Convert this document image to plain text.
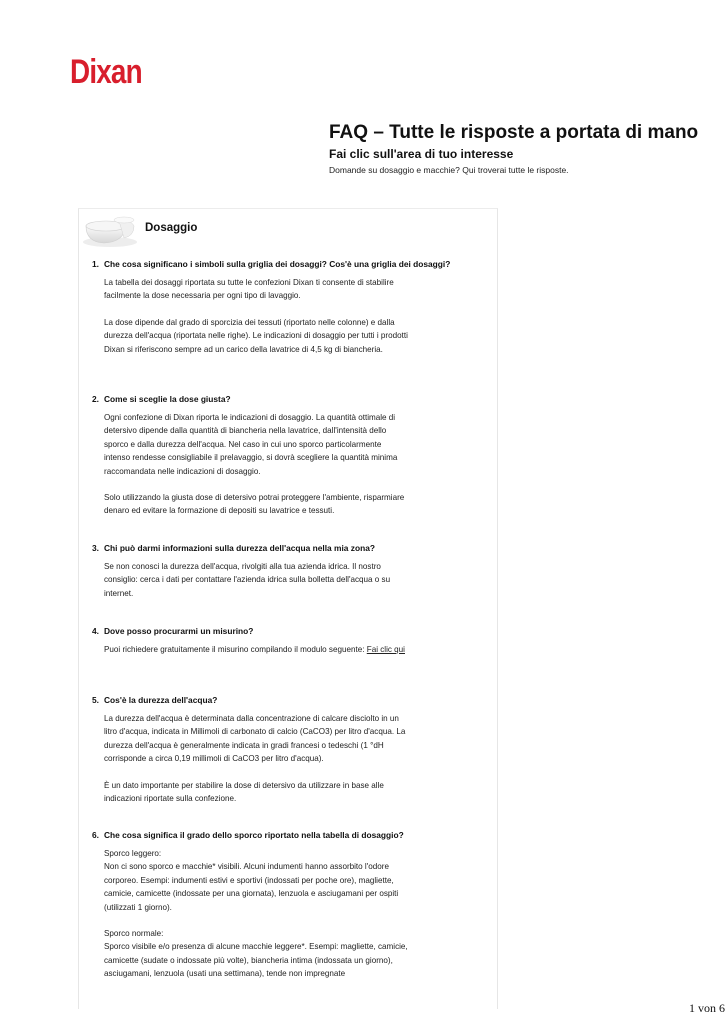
Dixan
FAQ – Tutte le risposte a portata di mano
Fai clic sull'area di tuo interesse
Domande su dosaggio e macchie? Qui troverai tutte le risposte.
Dosaggio
1. Che cosa significano i simboli sulla griglia dei dosaggi? Cos'è una griglia dei dosaggi?

La tabella dei dosaggi riportata su tutte le confezioni Dixan ti consente di stabilire facilmente la dose necessaria per ogni tipo di lavaggio.

La dose dipende dal grado di sporcizia dei tessuti (riportato nelle colonne) e dalla durezza dell'acqua (riportata nelle righe). Le indicazioni di dosaggio per tutti i prodotti Dixan si riferiscono sempre ad un carico della lavatrice di 4,5 kg di biancheria.

2. Come si sceglie la dose giusta?

Ogni confezione di Dixan riporta le indicazioni di dosaggio. La quantità ottimale di detersivo dipende dalla quantità di biancheria nella lavatrice, dall'intensità dello sporco e dalla durezza dell'acqua. Nel caso in cui uno sporco particolarmente intenso rendesse consigliabile il prelavaggio, si dovrà scegliere la quantità minima raccomandata nelle indicazioni di dosaggio.

Solo utilizzando la giusta dose di detersivo potrai proteggere l'ambiente, risparmiare denaro ed evitare la formazione di depositi su lavatrice e tessuti.

3. Chi può darmi informazioni sulla durezza dell'acqua nella mia zona?

Se non conosci la durezza dell'acqua, rivolgiti alla tua azienda idrica. Il nostro consiglio: cerca i dati per contattare l'azienda idrica sulla bolletta dell'acqua o su internet.

4. Dove posso procurarmi un misurino?

Puoi richiedere gratuitamente il misurino compilando il modulo seguente: Fai clic qui

5. Cos'è la durezza dell'acqua?

La durezza dell'acqua è determinata dalla concentrazione di calcare disciolto in un litro d'acqua, indicata in Millimoli di carbonato di calcio (CaCO3) per litro d'acqua. La durezza dell'acqua è generalmente indicata in gradi francesi o tedeschi (1 °dH corrisponde a circa 0,19 millimoli di CaCO3 per litro d'acqua).

È un dato importante per stabilire la dose di detersivo da utilizzare in base alle indicazioni riportate sulla confezione.

6. Che cosa significa il grado dello sporco riportato nella tabella di dosaggio?

Sporco leggero:
Non ci sono sporco e macchie* visibili. Alcuni indumenti hanno assorbito l'odore corporeo. Esempi: indumenti estivi e sportivi (indossati per poche ore), magliette, camicie, camicette (indossate per una giornata), lenzuola e asciugamani per ospiti (utilizzati 1 giorno).

Sporco normale:
Sporco visibile e/o presenza di alcune macchie leggere*. Esempi: magliette, camicie, camicette (sudate o indossate più volte), biancheria intima (indossata un giorno), asciugamani, lenzuola (usati una settimana), tende non impregnate

1 von 6
